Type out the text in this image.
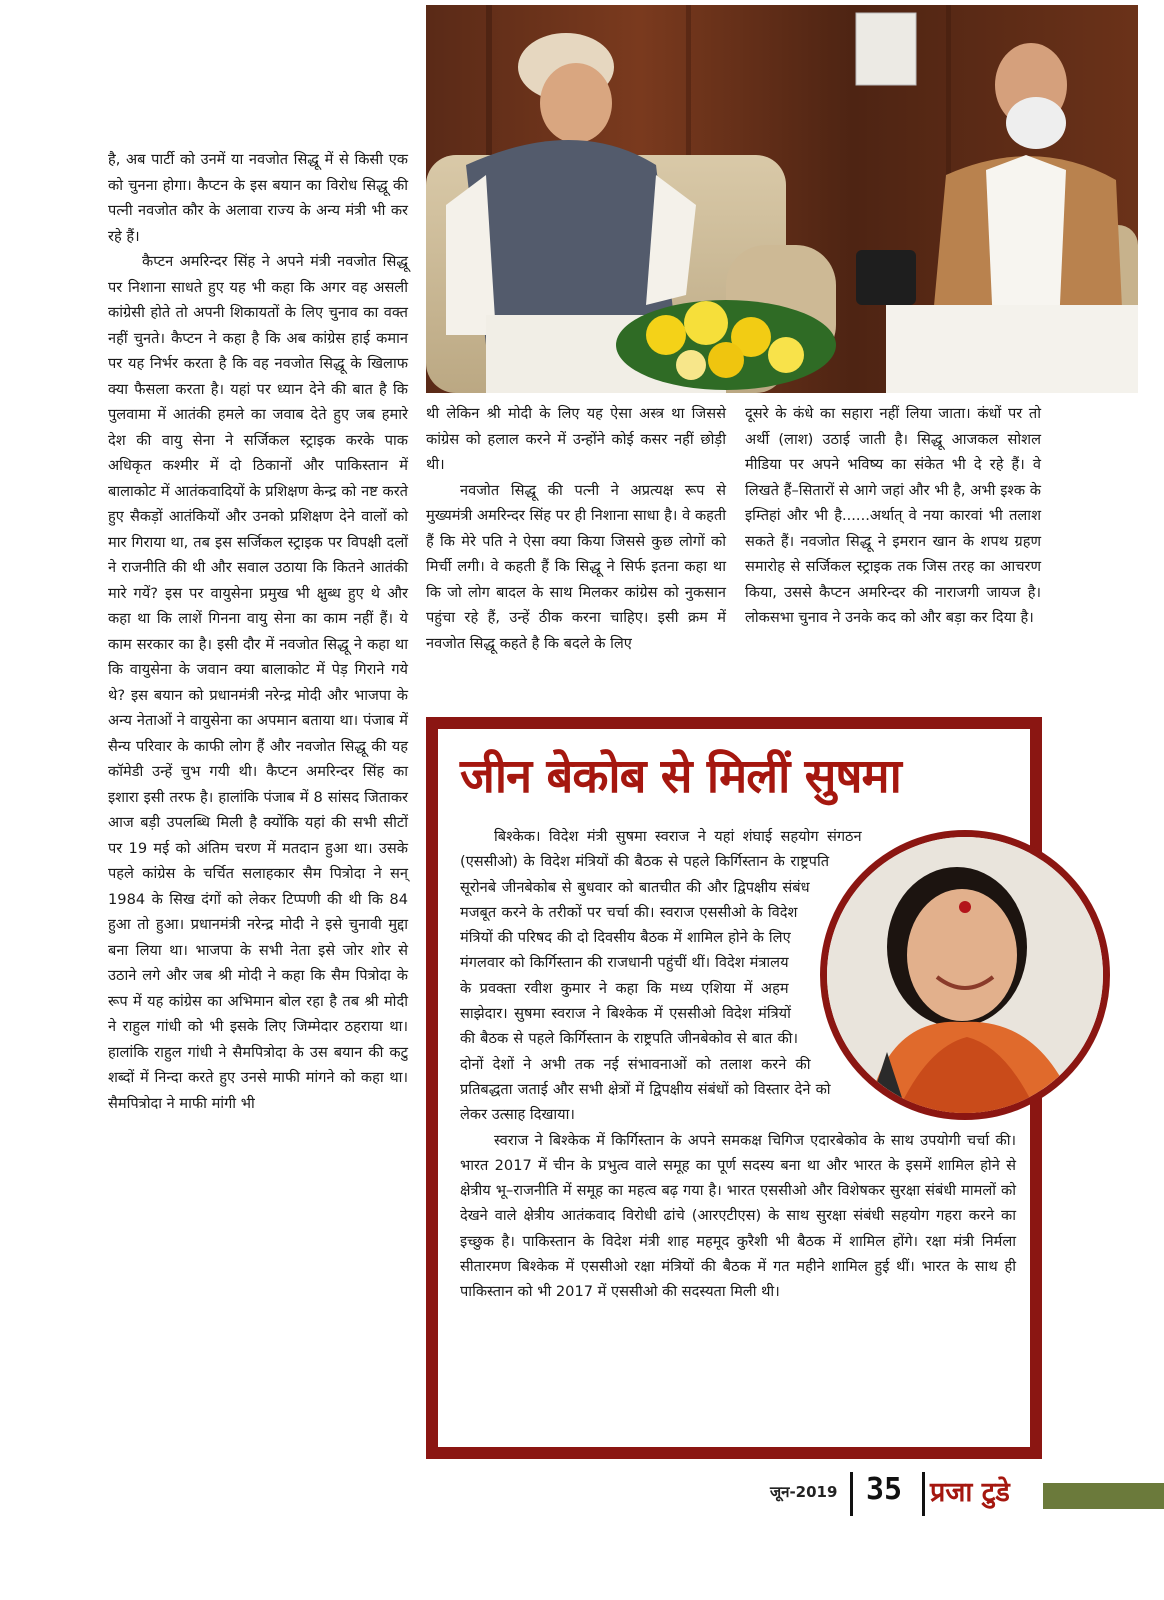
है, अब पार्टी को उनमें या नवजोत सिद्धू में से किसी एक को चुनना होगा। कैप्टन के इस बयान का विरोध सिद्धू की पत्नी नवजोत कौर के अलावा राज्य के अन्य मंत्री भी कर रहे हैं।

कैप्टन अमरिन्दर सिंह ने अपने मंत्री नवजोत सिद्धू पर निशाना साधते हुए यह भी कहा कि अगर वह असली कांग्रेसी होते तो अपनी शिकायतों के लिए चुनाव का वक्त नहीं चुनते। कैप्टन ने कहा है कि अब कांग्रेस हाई कमान पर यह निर्भर करता है कि वह नवजोत सिद्धू के खिलाफ क्या फैसला करता है। यहां पर ध्यान देने की बात है कि पुलवामा में आतंकी हमले का जवाब देते हुए जब हमारे देश की वायु सेना ने सर्जिकल स्ट्राइक करके पाक अधिकृत कश्मीर में दो ठिकानों और पाकिस्तान में बालाकोट में आतंकवादियों के प्रशिक्षण केन्द्र को नष्ट करते हुए सैकड़ों आतंकियों और उनको प्रशिक्षण देने वालों को मार गिराया था, तब इस सर्जिकल स्ट्राइक पर विपक्षी दलों ने राजनीति की थी और सवाल उठाया कि कितने आतंकी मारे गयें? इस पर वायुसेना प्रमुख भी क्षुब्ध हुए थे और कहा था कि लाशें गिनना वायु सेना का काम नहीं हैं। ये काम सरकार का है। इसी दौर में नवजोत सिद्धू ने कहा था कि वायुसेना के जवान क्या बालाकोट में पेड़ गिराने गये थे? इस बयान को प्रधानमंत्री नरेन्द्र मोदी और भाजपा के अन्य नेताओं ने वायुसेना का अपमान बताया था। पंजाब में सैन्य परिवार के काफी लोग हैं और नवजोत सिद्धू की यह कॉमेडी उन्हें चुभ गयी थी। कैप्टन अमरिन्दर सिंह का इशारा इसी तरफ है। हालांकि पंजाब में 8 सांसद जिताकर आज बड़ी उपलब्धि मिली है क्योंकि यहां की सभी सीटों पर 19 मई को अंतिम चरण में मतदान हुआ था। उसके पहले कांग्रेस के चर्चित सलाहकार सैम पित्रोदा ने सन् 1984 के सिख दंगों को लेकर टिप्पणी की थी कि 84 हुआ तो हुआ। प्रधानमंत्री नरेन्द्र मोदी ने इसे चुनावी मुद्दा बना लिया था। भाजपा के सभी नेता इसे जोर शोर से उठाने लगे और जब श्री मोदी ने कहा कि सैम पित्रोदा के रूप में यह कांग्रेस का अभिमान बोल रहा है तब श्री मोदी ने राहुल गांधी को भी इसके लिए जिम्मेदार ठहराया था। हालांकि राहुल गांधी ने सैमपित्रोदा के उस बयान की कटु शब्दों में निन्दा करते हुए उनसे माफी मांगने को कहा था। सैमपित्रोदा ने माफी मांगी भी

थी लेकिन श्री मोदी के लिए यह ऐसा अस्त्र था जिससे कांग्रेस को हलाल करने में उन्होंने कोई कसर नहीं छोड़ी थी।

नवजोत सिद्धू की पत्नी ने अप्रत्यक्ष रूप से मुख्यमंत्री अमरिन्दर सिंह पर ही निशाना साधा है। वे कहती हैं कि मेरे पति ने ऐसा क्या किया जिससे कुछ लोगों को मिर्ची लगी। वे कहती हैं कि सिद्धू ने सिर्फ इतना कहा था कि जो लोग बादल के साथ मिलकर कांग्रेस को नुकसान पहुंचा रहे हैं, उन्हें ठीक करना चाहिए। इसी क्रम में नवजोत सिद्धू कहते है कि बदले के लिए

दूसरे के कंधे का सहारा नहीं लिया जाता। कंधों पर तो अर्थी (लाश) उठाई जाती है। सिद्धू आजकल सोशल मीडिया पर अपने भविष्य का संकेत भी दे रहे हैं। वे लिखते हैं–सितारों से आगे जहां और भी है, अभी इश्क के इम्तिहां और भी है......अर्थात् वे नया कारवां भी तलाश सकते हैं। नवजोत सिद्धू ने इमरान खान के शपथ ग्रहण समारोह से सर्जिकल स्ट्राइक तक जिस तरह का आचरण किया, उससे कैप्टन अमरिन्दर की नाराजगी जायज है। लोकसभा चुनाव ने उनके कद को और बड़ा कर दिया है।

जीन बेकोब से मिलीं सुषमा

बिश्केक। विदेश मंत्री सुषमा स्वराज ने यहां शंघाई सहयोग संगठन (एससीओ) के विदेश मंत्रियों की बैठक से पहले किर्गिस्तान के राष्ट्रपति सूरोनबे जीनबेकोब से बुधवार को बातचीत की और द्विपक्षीय संबंध मजबूत करने के तरीकों पर चर्चा की। स्वराज एससीओ के विदेश मंत्रियों की परिषद की दो दिवसीय बैठक में शामिल होने के लिए मंगलवार को किर्गिस्तान की राजधानी पहुंचीं थीं। विदेश मंत्रालय के प्रवक्ता रवीश कुमार ने कहा कि मध्य एशिया में अहम साझेदार। सुषमा स्वराज ने बिश्केक में एससीओ विदेश मंत्रियों की बैठक से पहले किर्गिस्तान के राष्ट्रपति जीनबेकोव से बात की। दोनों देशों ने अभी तक नई संभावनाओं को तलाश करने की प्रतिबद्धता जताई और सभी क्षेत्रों में द्विपक्षीय संबंधों को विस्तार देने को लेकर उत्साह दिखाया।

स्वराज ने बिश्केक में किर्गिस्तान के अपने समकक्ष चिगिज एदारबेकोव के साथ उपयोगी चर्चा की। भारत 2017 में चीन के प्रभुत्व वाले समूह का पूर्ण सदस्य बना था और भारत के इसमें शामिल होने से क्षेत्रीय भू–राजनीति में समूह का महत्व बढ़ गया है। भारत एससीओ और विशेषकर सुरक्षा संबंधी मामलों को देखने वाले क्षेत्रीय आतंकवाद विरोधी ढांचे (आरएटीएस) के साथ सुरक्षा संबंधी सहयोग गहरा करने का इच्छुक है। पाकिस्तान के विदेश मंत्री शाह महमूद कुरैशी भी बैठक में शामिल होंगे। रक्षा मंत्री निर्मला सीतारमण बिश्केक में एससीओ रक्षा मंत्रियों की बैठक में गत महीने शामिल हुई थीं। भारत के साथ ही पाकिस्तान को भी 2017 में एससीओ की सदस्यता मिली थी।

जून-2019 35 प्रजा टुडे
